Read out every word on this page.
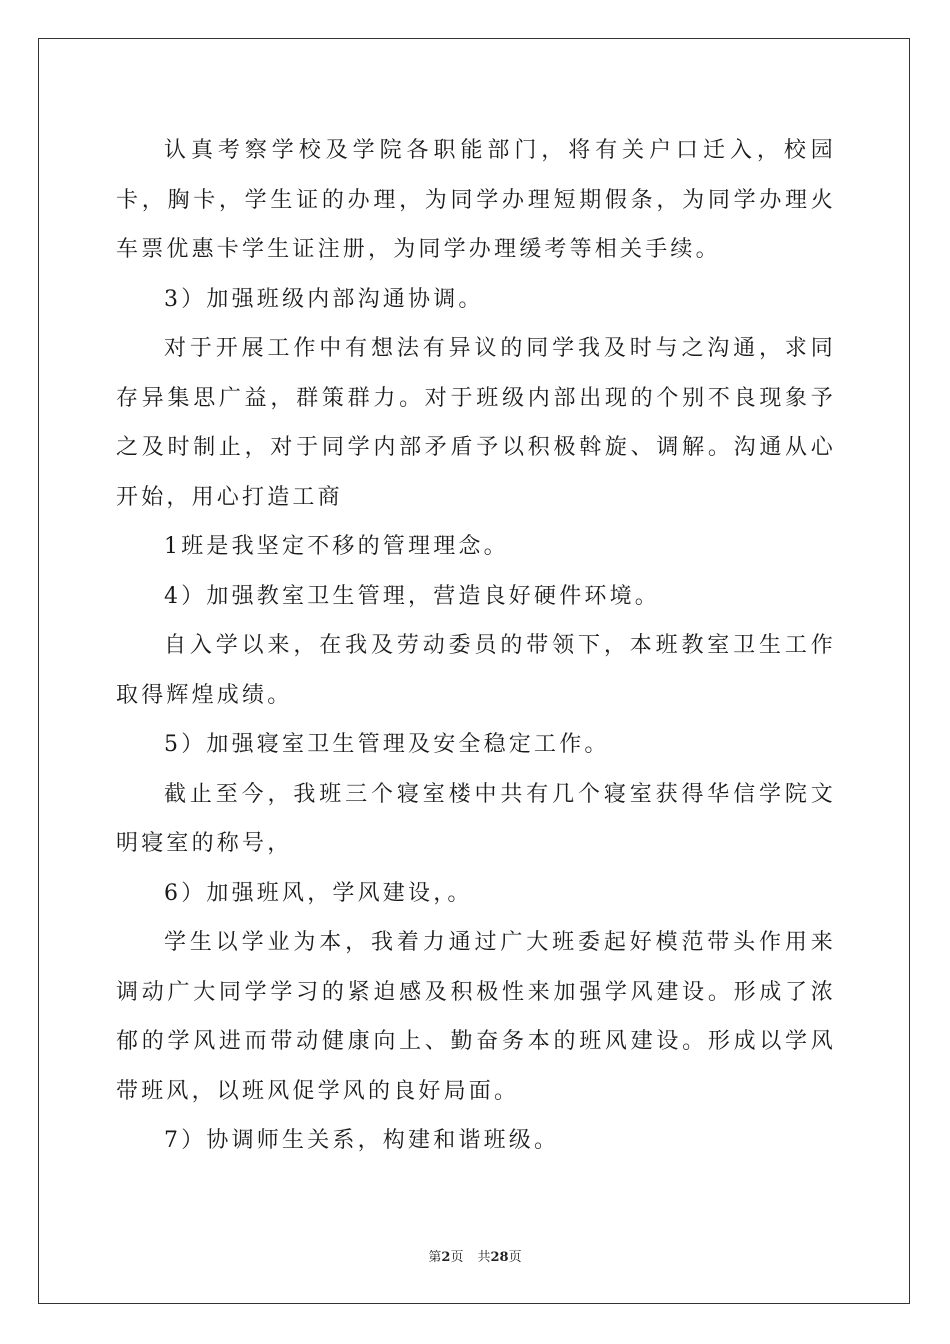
认真考察学校及学院各职能部门，将有关户口迁入，校园卡，胸卡，学生证的办理，为同学办理短期假条，为同学办理火车票优惠卡学生证注册，为同学办理缓考等相关手续。

3）加强班级内部沟通协调。

对于开展工作中有想法有异议的同学我及时与之沟通，求同存异集思广益，群策群力。对于班级内部出现的个别不良现象予之及时制止，对于同学内部矛盾予以积极斡旋、调解。沟通从心开始，用心打造工商

1班是我坚定不移的管理理念。

4）加强教室卫生管理，营造良好硬件环境。

自入学以来，在我及劳动委员的带领下，本班教室卫生工作取得辉煌成绩。

5）加强寝室卫生管理及安全稳定工作。

截止至今，我班三个寝室楼中共有几个寝室获得华信学院文明寝室的称号，

6）加强班风，学风建设，。

学生以学业为本，我着力通过广大班委起好模范带头作用来调动广大同学学习的紧迫感及积极性来加强学风建设。形成了浓郁的学风进而带动健康向上、勤奋务本的班风建设。形成以学风带班风，以班风促学风的良好局面。

7）协调师生关系，构建和谐班级。

第2页 共28页
